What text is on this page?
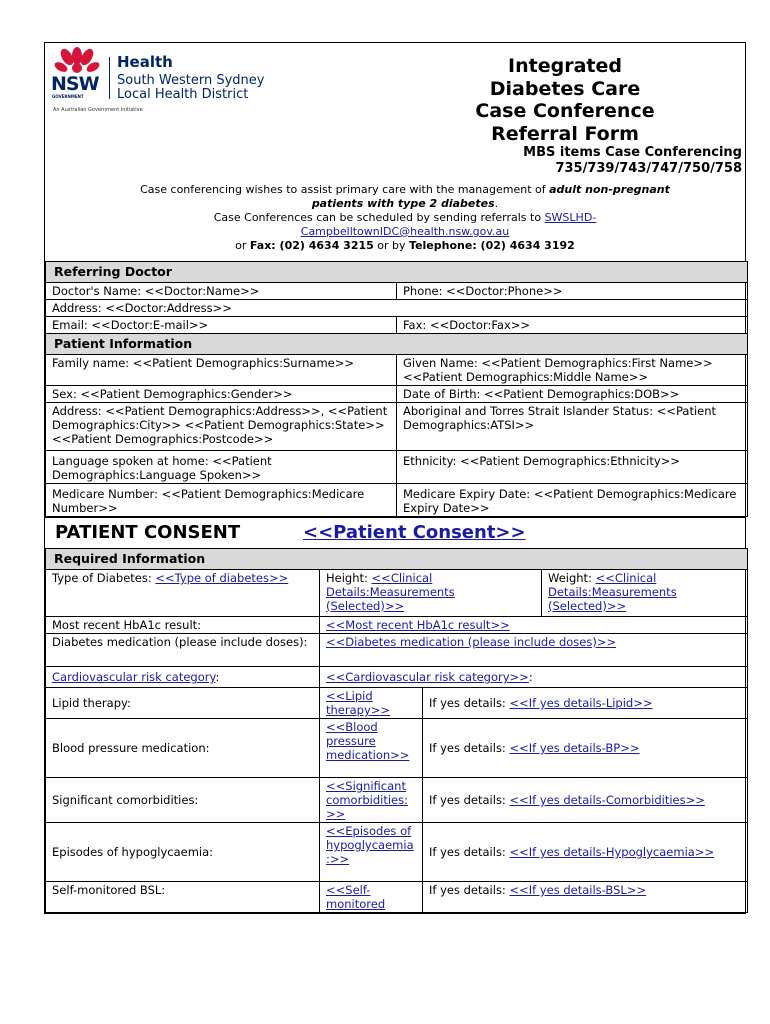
NSW
GOVERNMENT
Health
South Western Sydney
Local Health District
An Australian Government Initiative
Integrated Diabetes Care Case Conference Referral Form
MBS items Case Conferencing
735/739/743/747/750/758
Case conferencing wishes to assist primary care with the management of adult non-pregnant patients with type 2 diabetes.
Case Conferences can be scheduled by sending referrals to SWSLHD-CampbelltownIDC@health.nsw.gov.au
or Fax: (02) 4634 3215 or by Telephone: (02) 4634 3192
Referring Doctor	
Doctor's Name: <<Doctor:Name>>	Phone: <<Doctor:Phone>>
Address: <<Doctor:Address>>	
Email: <<Doctor:E-mail>>	Fax: <<Doctor:Fax>>
Patient Information	
Family name: <<Patient Demographics:Surname>>	Given Name: <<Patient Demographics:First Name>> <<Patient Demographics:Middle Name>>
Sex: <<Patient Demographics:Gender>>	Date of Birth: <<Patient Demographics:DOB>>
Address: <<Patient Demographics:Address>>, <<Patient Demographics:City>> <<Patient Demographics:State>> <<Patient Demographics:Postcode>>	Aboriginal and Torres Strait Islander Status: <<Patient Demographics:ATSI>>
Language spoken at home: <<Patient Demographics:Language Spoken>>	Ethnicity: <<Patient Demographics:Ethnicity>>
Medicare Number: <<Patient Demographics:Medicare Number>>	Medicare Expiry Date: <<Patient Demographics:Medicare Expiry Date>>
PATIENT CONSENT	<<Patient Consent>>
Required Information			
Type of Diabetes: <<Type of diabetes>>	Height: <<Clinical Details:Measurements (Selected)>>		Weight: <<Clinical Details:Measurements (Selected)>>
Most recent HbA1c result:	<<Most recent HbA1c result>>		
Diabetes medication (please include doses):	<<Diabetes medication (please include doses)>>		
Cardiovascular risk category:	<<Cardiovascular risk category>>:		
Lipid therapy:	<<Lipid therapy>>	If yes details: <<If yes details-Lipid>>	
Blood pressure medication:	<<Blood pressure medication>>	If yes details: <<If yes details-BP>>	
Significant comorbidities:	<<Significant comorbidities:>>	If yes details: <<If yes details-Comorbidities>>	
Episodes of hypoglycaemia:	<<Episodes of hypoglycaemia:>>	If yes details: <<If yes details-Hypoglycaemia>>	
Self-monitored BSL:	<<Self-monitored	If yes details: <<If yes details-BSL>>	
